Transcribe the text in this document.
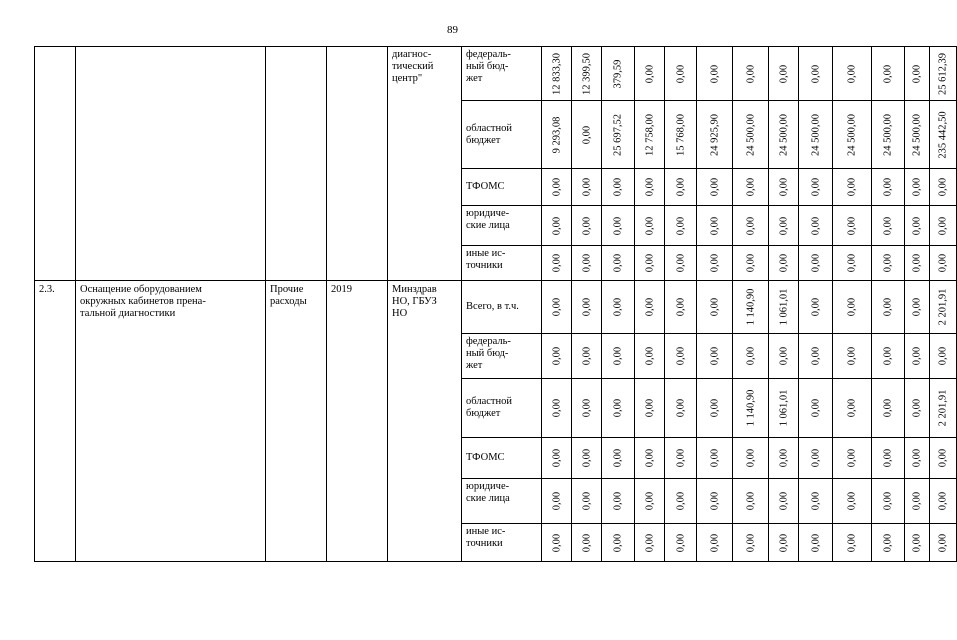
89

				диагнос-
тический
центр"	федераль-
ный бюд-
жет	12 833,30	12 399,50	379,59	0,00	0,00	0,00	0,00	0,00	0,00	0,00	0,00	0,00	25 612,39

					областной
бюджет	9 293,08	0,00	25 697,52	12 758,00	15 768,00	24 925,90	24 500,00	24 500,00	24 500,00	24 500,00	24 500,00	24 500,00	235 442,50

					ТФОМС	0,00	0,00	0,00	0,00	0,00	0,00	0,00	0,00	0,00	0,00	0,00	0,00	0,00

					юридиче-
ские лица	0,00	0,00	0,00	0,00	0,00	0,00	0,00	0,00	0,00	0,00	0,00	0,00	0,00

					иные ис-
точники	0,00	0,00	0,00	0,00	0,00	0,00	0,00	0,00	0,00	0,00	0,00	0,00	0,00

2.3.	Оснащение оборудованием
окружных кабинетов прена-
тальной диагностики	Прочие
расходы	2019	Минздрав
НО, ГБУЗ
НО	Всего, в т.ч.	0,00	0,00	0,00	0,00	0,00	0,00	1 140,90	1 061,01	0,00	0,00	0,00	0,00	2 201,91

					федераль-
ный бюд-
жет	0,00	0,00	0,00	0,00	0,00	0,00	0,00	0,00	0,00	0,00	0,00	0,00	0,00

					областной
бюджет	0,00	0,00	0,00	0,00	0,00	0,00	1 140,90	1 061,01	0,00	0,00	0,00	0,00	2 201,91

					ТФОМС	0,00	0,00	0,00	0,00	0,00	0,00	0,00	0,00	0,00	0,00	0,00	0,00	0,00

					юридиче-
ские лица	0,00	0,00	0,00	0,00	0,00	0,00	0,00	0,00	0,00	0,00	0,00	0,00	0,00

					иные ис-
точники	0,00	0,00	0,00	0,00	0,00	0,00	0,00	0,00	0,00	0,00	0,00	0,00	0,00
